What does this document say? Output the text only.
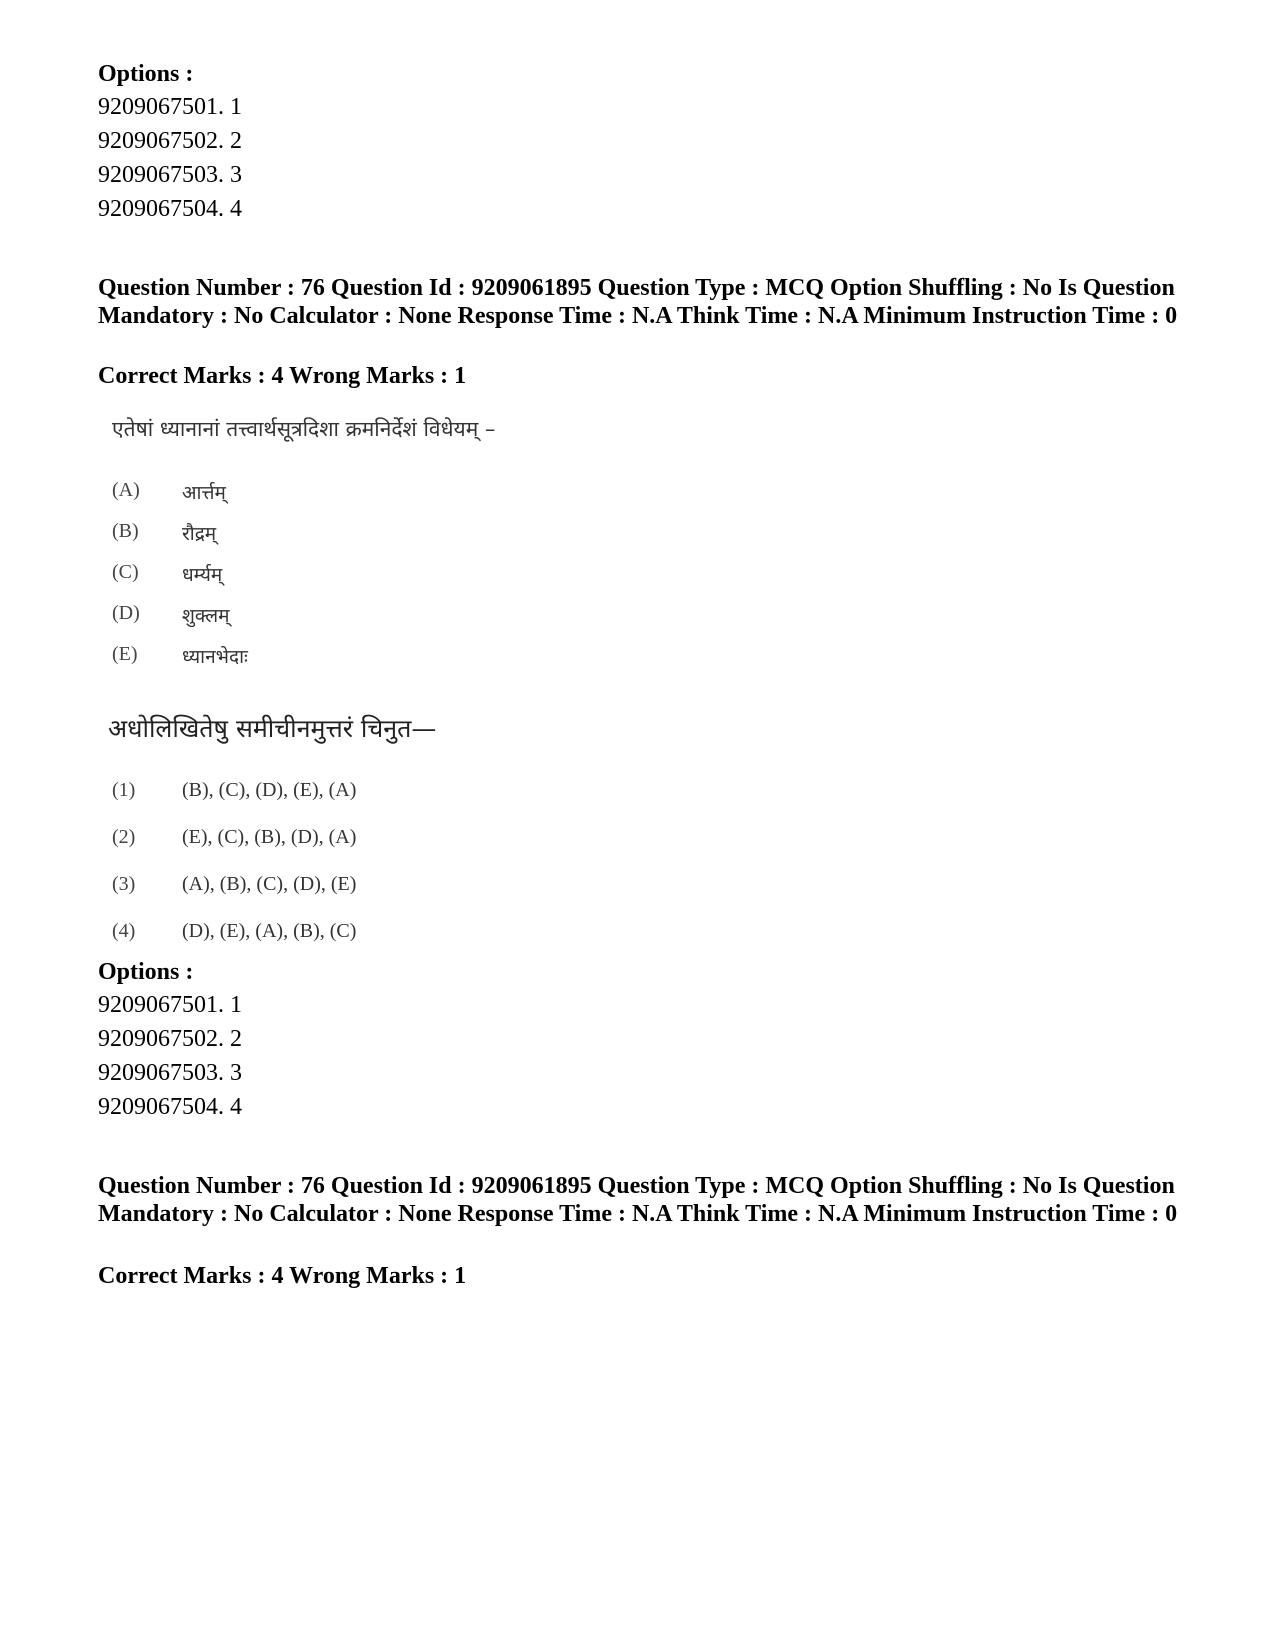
Options :
9209067501. 1
9209067502. 2
9209067503. 3
9209067504. 4
Question Number : 76 Question Id : 9209061895 Question Type : MCQ Option Shuffling : No Is Question Mandatory : No Calculator : None Response Time : N.A Think Time : N.A Minimum Instruction Time : 0
Correct Marks : 4 Wrong Marks : 1
एतेषां ध्यानानां तत्त्वार्थसूत्रदिशा क्रमनिर्देशं विधेयम् –
(A) आर्त्तम्
(B) रौद्रम्
(C) धर्म्यम्
(D) शुक्लम्
(E) ध्यानभेदाः
अधोलिखितेषु समीचीनमुत्तरं चिनुत—
(1) (B), (C), (D), (E), (A)
(2) (E), (C), (B), (D), (A)
(3) (A), (B), (C), (D), (E)
(4) (D), (E), (A), (B), (C)
Options :
9209067501. 1
9209067502. 2
9209067503. 3
9209067504. 4
Question Number : 76 Question Id : 9209061895 Question Type : MCQ Option Shuffling : No Is Question Mandatory : No Calculator : None Response Time : N.A Think Time : N.A Minimum Instruction Time : 0
Correct Marks : 4 Wrong Marks : 1
